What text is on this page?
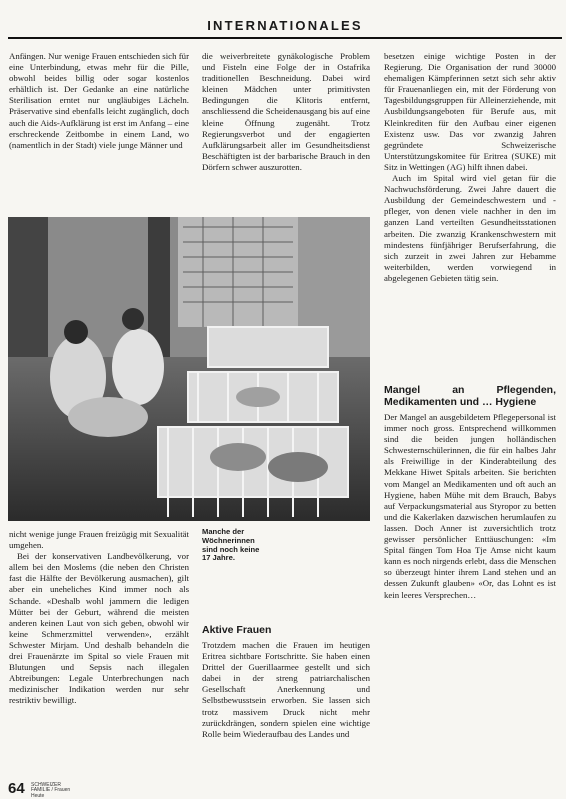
INTERNATIONALES

Anfängen. Nur wenige Frauen entschieden sich für eine Unterbindung, etwas mehr für die Pille, obwohl beides billig oder sogar kostenlos erhältlich ist. Der Gedanke an eine natürliche Sterilisation erntet nur ungläubiges Lächeln. Präservative sind ebenfalls leicht zugänglich, doch auch die Aids-Aufklärung ist erst im Anfang – eine erschreckende Zeitbombe in einem Land, wo (namentlich in der Stadt) viele junge Männer und

die weiverbreitete gynäkologische Problem und Fisteln eine Folge der in Ostafrika traditionellen Beschneidung. Dabei wird kleinen Mädchen unter primitivsten Bedingungen die Klitoris entfernt, anschliessend die Scheidenausgang bis auf eine kleine Öffnung zugenäht. Trotz Regierungsverbot und der engagierten Aufklärungsarbeit aller im Gesundheitsdienst Beschäftigten ist der barbarische Brauch in den Dörfern schwer auszurotten.

nicht wenige junge Frauen freizügig mit Sexualität umgehen.

Bei der konservativen Landbevölkerung, vor allem bei den Moslems (die neben den Christen fast die Hälfte der Bevölkerung ausmachen), gilt aber ein uneheliches Kind immer noch als Schande. «Deshalb wohl jammern die ledigen Mütter bei der Geburt, während die meisten anderen keinen Laut von sich geben, obwohl wir keine Schmerzmittel verwenden», erzählt Schwester Mirjam. Und deshalb behandeln die drei Frauenärzte im Spital so viele Frauen mit Blutungen und Sepsis nach illegalen Abtreibungen: Legale Unterbrechungen nach medizinischer Indikation werden nur sehr restriktiv bewilligt.

Manche der Wöchnerinnen sind noch keine 17 Jahre.
Aktive Frauen

Trotzdem machen die Frauen im heutigen Eritrea sichtbare Fortschritte. Sie haben einen Drittel der Guerillaarmee gestellt und sich dabei in der streng patriarchalischen Gesellschaft Anerkennung und Selbstbewusstsein erworben. Sie lassen sich trotz massivem Druck nicht mehr zurückdrängen, sondern spielen eine wichtige Rolle beim Wiederaufbau des Landes und

besetzen einige wichtige Posten in der Regierung. Die Organisation der rund 30000 ehemaligen Kämpferinnen setzt sich sehr aktiv für Frauenanliegen ein, mit der Förderung von Tagesbildungsgruppen für Alleinerziehende, mit Ausbildungsangeboten für Berufe aus, mit Kleinkrediten für den Aufbau einer eigenen Existenz usw. Das vor zwanzig Jahren gegründete Schweizerische Unterstützungskomitee für Eritrea (SUKE) mit Sitz in Wettingen (AG) hilft ihnen dabei.

Auch im Spital wird viel getan für die Nachwuchsförderung. Zwei Jahre dauert die Ausbildung der Gemeindeschwestern und -pfleger, von denen viele nachher in den im ganzen Land verteilten Gesundheitsstationen arbeiten. Die zwanzig Krankenschwestern mit mindestens fünfjähriger Berufserfahrung, die sich zurzeit in zwei Jahren zur Hebamme weiterbilden, werden vorwiegend in abgelegenen Gebieten tätig sein.

Mangel an Pflegenden, Medikamenten und … Hygiene

Der Mangel an ausgebildetem Pflegepersonal ist immer noch gross. Entsprechend willkommen sind die beiden jungen holländischen Schwesternschülerinnen, die für ein halbes Jahr als Freiwillige in der Kinderabteilung des Mekkane Hiwet Spitals arbeiten. Sie berichten vom Mangel an Medikamenten und oft auch an Hygiene, haben Mühe mit dem Brauch, Babys auf Verpackungsmaterial aus Styropor zu betten und die Kakerlaken dazwischen herumlaufen zu lassen. Doch Anner ist zuversichtlich trotz gewisser persönlicher Enttäuschungen: «Im Spital fängen Tom Hoa Tje Amse nicht kaum kann es noch nirgends erlebt, dass die Menschen so überzeugt hinter ihrem Land stehen und an dessen Zukunft glauben» «Or, das Lohnt es ist kein leeres Versprechen…

64 SCHWEIZER FAMILIE / Frauen Heute
